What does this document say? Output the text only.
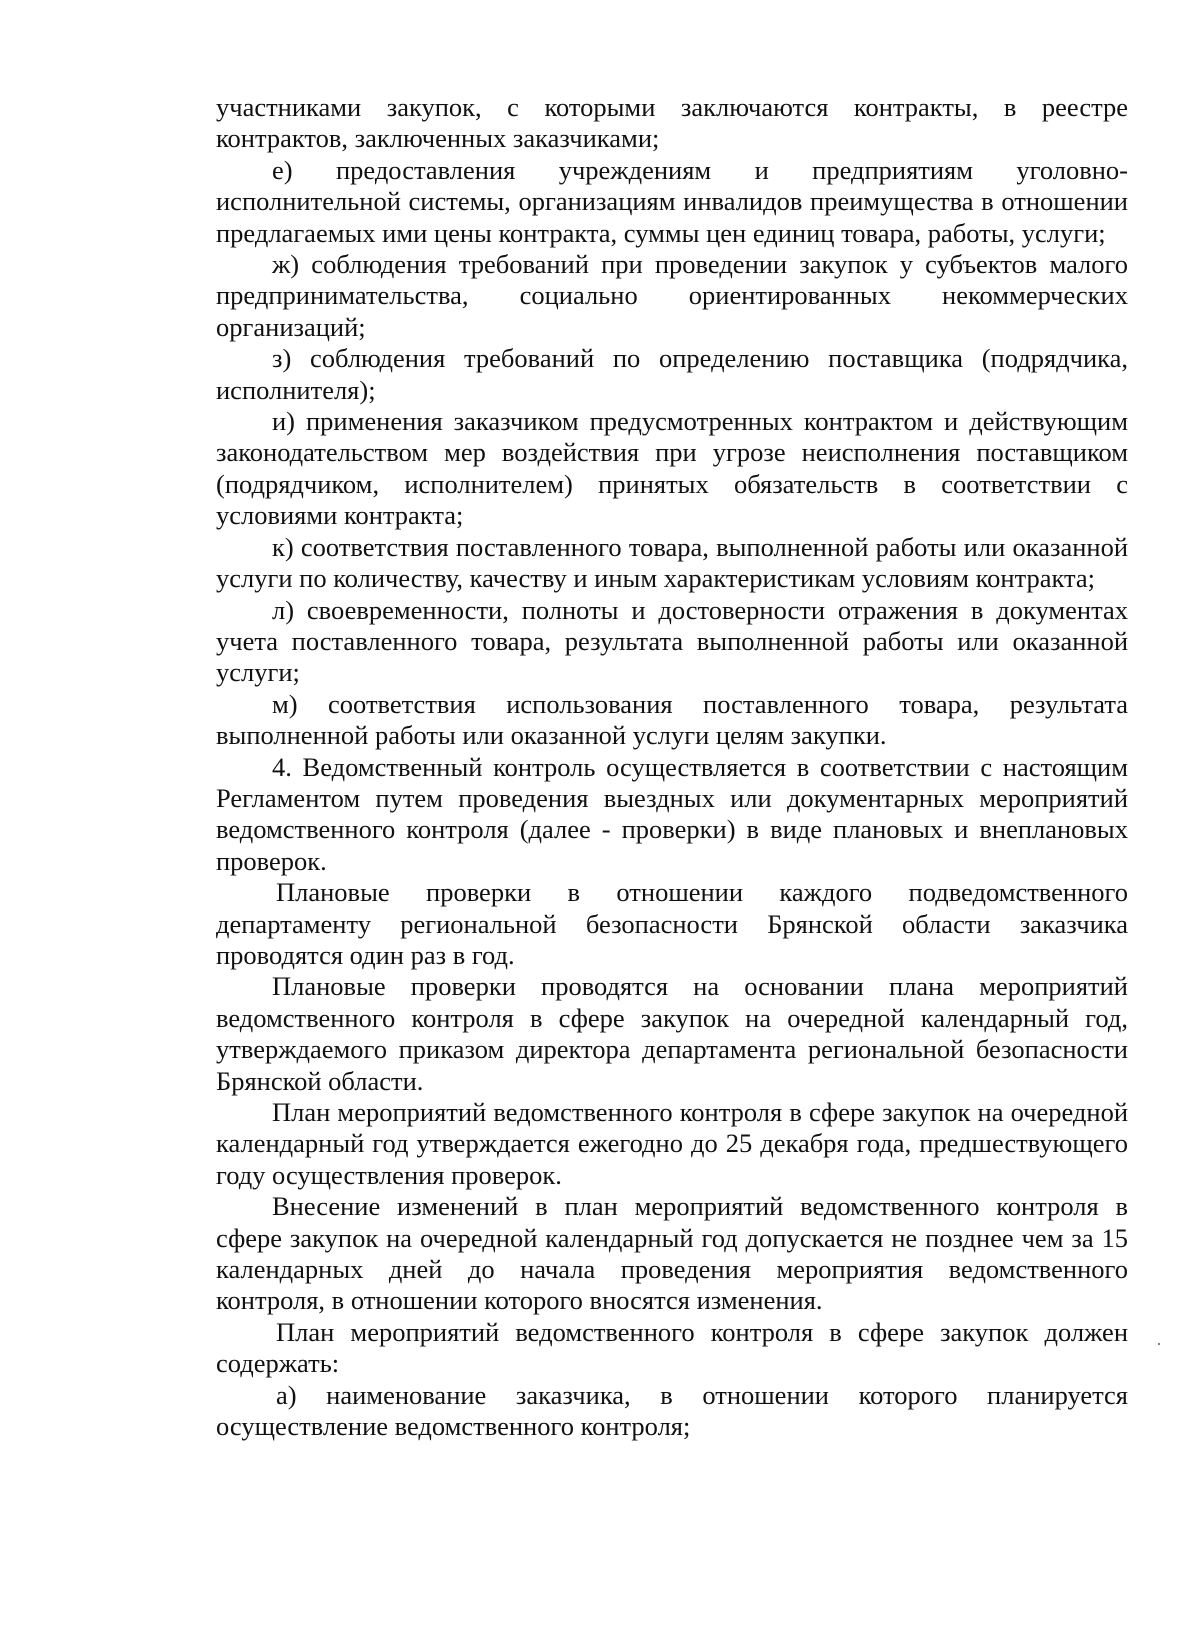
участниками закупок, с которыми заключаются контракты, в реестре контрактов, заключенных заказчиками;

е) предоставления учреждениям и предприятиям уголовно-исполнительной системы, организациям инвалидов преимущества в отношении предлагаемых ими цены контракта, суммы цен единиц товара, работы, услуги;

ж) соблюдения требований при проведении закупок у субъектов малого предпринимательства, социально ориентированных некоммерческих организаций;

з) соблюдения требований по определению поставщика (подрядчика, исполнителя);

и) применения заказчиком предусмотренных контрактом и действующим законодательством мер воздействия при угрозе неисполнения поставщиком (подрядчиком, исполнителем) принятых обязательств в соответствии с условиями контракта;

к) соответствия поставленного товара, выполненной работы или оказанной услуги по количеству, качеству и иным характеристикам условиям контракта;

л) своевременности, полноты и достоверности отражения в документах учета поставленного товара, результата выполненной работы или оказанной услуги;

м) соответствия использования поставленного товара, результата выполненной работы или оказанной услуги целям закупки.

4. Ведомственный контроль осуществляется в соответствии с настоящим Регламентом путем проведения выездных или документарных мероприятий ведомственного контроля (далее - проверки) в виде плановых и внеплановых проверок.

Плановые проверки в отношении каждого подведомственного департаменту региональной безопасности Брянской области заказчика проводятся один раз в год.

Плановые проверки проводятся на основании плана мероприятий ведомственного контроля в сфере закупок на очередной календарный год, утверждаемого приказом директора департамента региональной безопасности Брянской области.

План мероприятий ведомственного контроля в сфере закупок на очередной календарный год утверждается ежегодно до 25 декабря года, предшествующего году осуществления проверок.

Внесение изменений в план мероприятий ведомственного контроля в сфере закупок на очередной календарный год допускается не позднее чем за 15 календарных дней до начала проведения мероприятия ведомственного контроля, в отношении которого вносятся изменения.

План мероприятий ведомственного контроля в сфере закупок должен содержать:

а) наименование заказчика, в отношении которого планируется осуществление ведомственного контроля;
